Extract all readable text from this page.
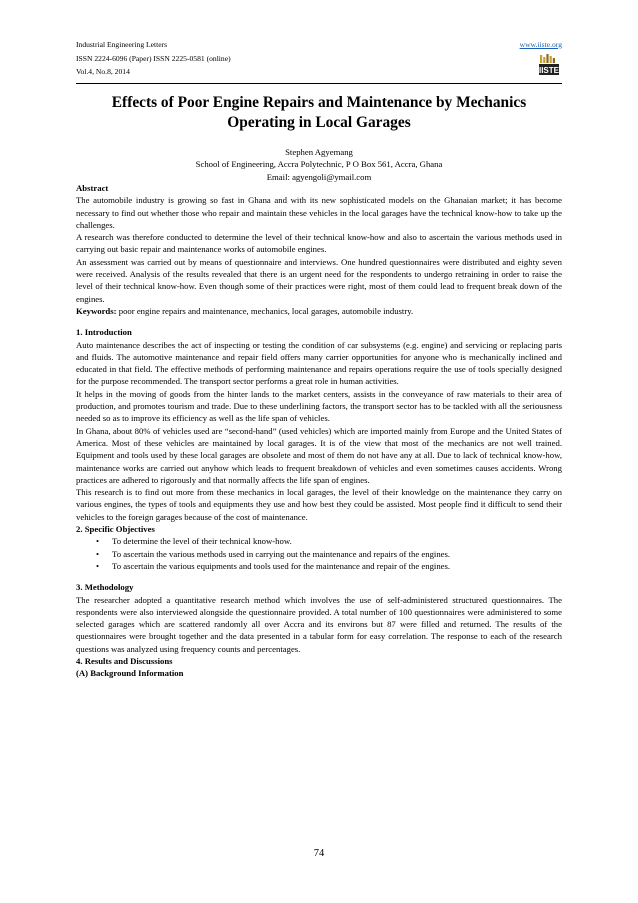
Industrial Engineering Letters
ISSN 2224-6096 (Paper) ISSN 2225-0581 (online)
Vol.4, No.8, 2014
www.iiste.org
IISTE
Effects of Poor Engine Repairs and Maintenance by Mechanics
Operating in Local Garages
Stephen Agyemang
School of Engineering, Accra Polytechnic, P O Box 561, Accra, Ghana
Email: agyengoli@ymail.com
Abstract

The automobile industry is growing so fast in Ghana and with its new sophisticated models on the Ghanaian market; it has become necessary to find out whether those who repair and maintain these vehicles in the local garages have the technical know-how to take up the challenges.

A research was therefore conducted to determine the level of their technical know-how and also to ascertain the various methods used in carrying out basic repair and maintenance works of automobile engines.

An assessment was carried out by means of questionnaire and interviews. One hundred questionnaires were distributed and eighty seven were received. Analysis of the results revealed that there is an urgent need for the respondents to undergo retraining in order to raise the level of their technical know-how. Even though some of their practices were right, most of them could lead to frequent break down of the engines.

Keywords: poor engine repairs and maintenance, mechanics, local garages, automobile industry.

1. Introduction

Auto maintenance describes the act of inspecting or testing the condition of car subsystems (e.g. engine) and servicing or replacing parts and fluids. The automotive maintenance and repair field offers many carrier opportunities for anyone who is mechanically inclined and educated in that field. The effective methods of performing maintenance and repairs operations require the use of tools specially designed for the purpose recommended. The transport sector performs a great role in human activities.

It helps in the moving of goods from the hinter lands to the market centers, assists in the conveyance of raw materials to their area of production, and promotes tourism and trade. Due to these underlining factors, the transport sector has to be tackled with all the seriousness needed so as to improve its efficiency as well as the life span of vehicles.

In Ghana, about 80% of vehicles used are “second-hand” (used vehicles) which are imported mainly from Europe and the United States of America. Most of these vehicles are maintained by local garages. It is of the view that most of the mechanics are not well trained. Equipment and tools used by these local garages are obsolete and most of them do not have any at all. Due to lack of technical know-how, maintenance works are carried out anyhow which leads to frequent breakdown of vehicles and even sometimes causes accidents. Wrong practices are adhered to rigorously and that normally affects the life span of engines.

This research is to find out more from these mechanics in local garages, the level of their knowledge on the maintenance they carry on various engines, the types of tools and equipments they use and how best they could be assisted. Most people find it difficult to send their vehicles to the foreign garages because of the cost of maintenance.

2. Specific Objectives
• To determine the level of their technical know-how.
• To ascertain the various methods used in carrying out the maintenance and repairs of the engines.
• To ascertain the various equipments and tools used for the maintenance and repair of the engines.
3. Methodology

The researcher adopted a quantitative research method which involves the use of self-administered structured questionnaires. The respondents were also interviewed alongside the questionnaire provided. A total number of 100 questionnaires were administered to some selected garages which are scattered randomly all over Accra and its environs but 87 were filled and returned. The results of the questionnaires were brought together and the data presented in a tabular form for easy correlation. The response to each of the research questions was analyzed using frequency counts and percentages.

4. Results and Discussions
(A) Background Information
74
